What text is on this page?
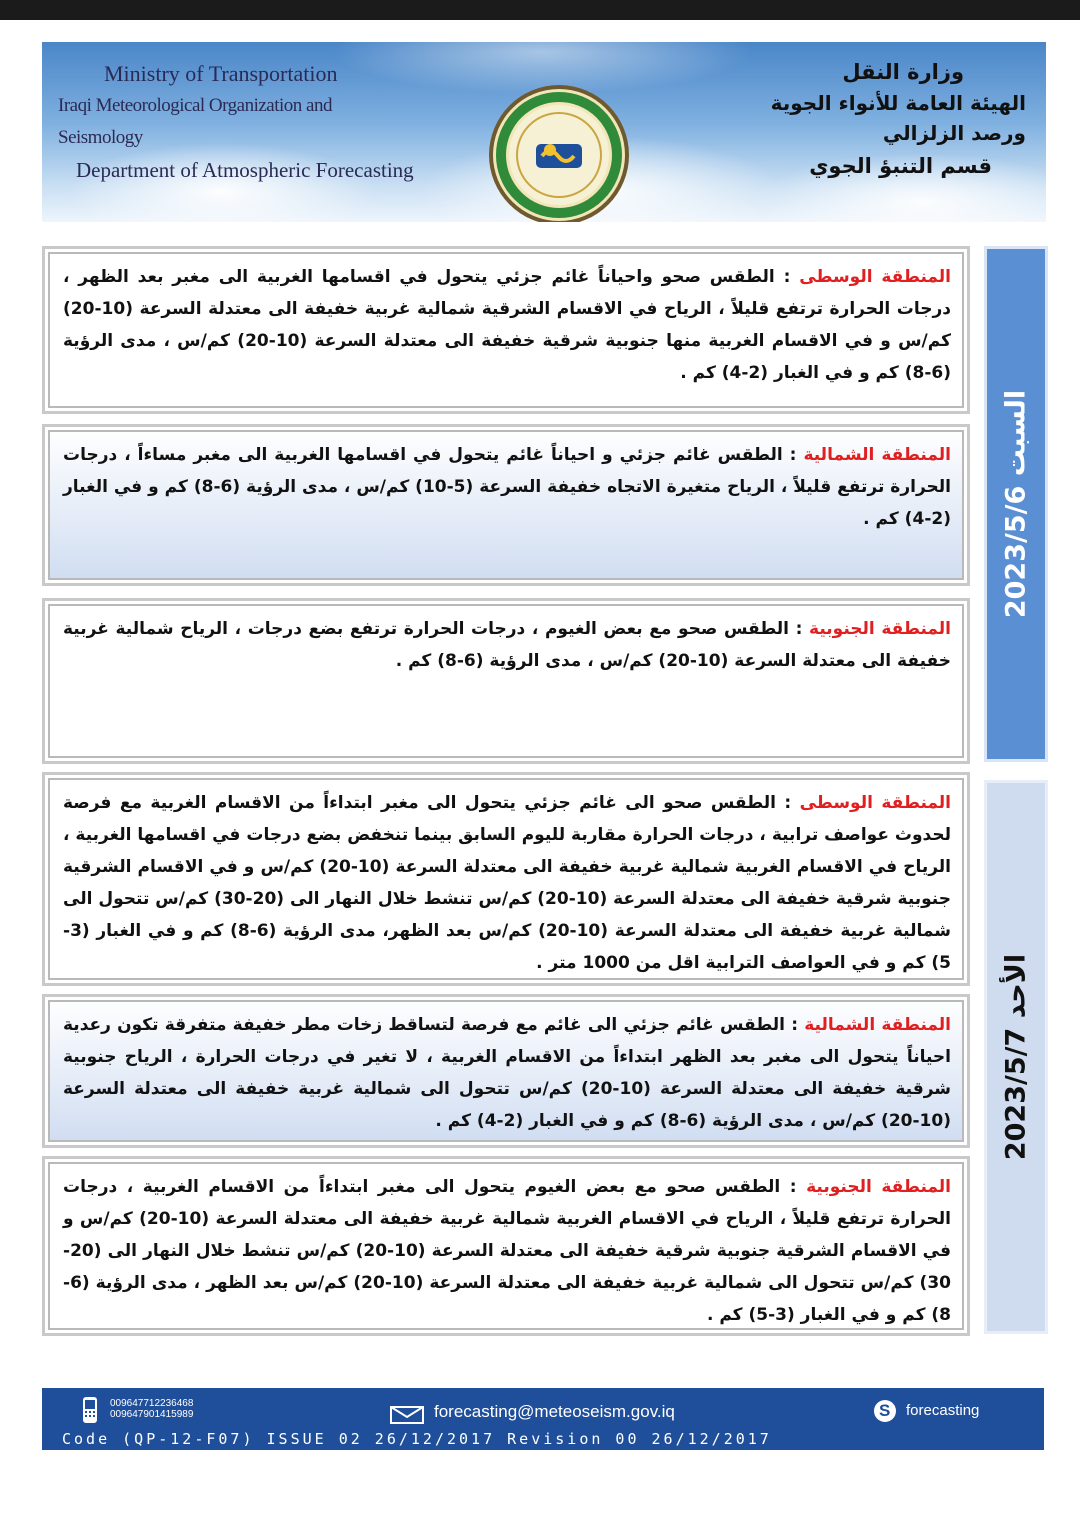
Ministry of Transportation
Iraqi Meteorological Organization and Seismology
Department of Atmospheric Forecasting
وزارة النقل
الهيئة العامة للأنواء الجوية ورصد الزلزالي
قسم التنبؤ الجوي

المنطقة الوسطى : الطقس صحو واحياناً غائم جزئي يتحول في اقسامها الغربية الى مغبر بعد الظهر ، درجات الحرارة ترتفع قليلاً ، الرياح في الاقسام الشرقية شمالية غربية خفيفة الى معتدلة السرعة (10-20) كم/س و في الاقسام الغربية منها جنوبية شرقية خفيفة الى معتدلة السرعة (10-20) كم/س ، مدى الرؤية (6-8) كم و في الغبار (2-4) كم .

المنطقة الشمالية : الطقس غائم جزئي و احياناً غائم يتحول في اقسامها الغربية الى مغبر مساءاً ، درجات الحرارة ترتفع قليلاً ، الرياح متغيرة الاتجاه خفيفة السرعة (5-10) كم/س ، مدى الرؤية (6-8) كم و في الغبار (2-4) كم .

المنطقة الجنوبية : الطقس صحو مع بعض الغيوم ، درجات الحرارة ترتفع بضع درجات ، الرياح شمالية غربية خفيفة الى معتدلة السرعة (10-20) كم/س ، مدى الرؤية (6-8) كم .

السبت 2023/5/6

المنطقة الوسطى : الطقس صحو الى غائم جزئي يتحول الى مغبر ابتداءاً من الاقسام الغربية مع فرصة لحدوث عواصف ترابية ، درجات الحرارة مقاربة لليوم السابق بينما تنخفض بضع درجات في اقسامها الغربية ، الرياح في الاقسام الغربية شمالية غربية خفيفة الى معتدلة السرعة (10-20) كم/س و في الاقسام الشرقية جنوبية شرقية خفيفة الى معتدلة السرعة (10-20) كم/س تنشط خلال النهار الى (20-30) كم/س تتحول الى شمالية غربية خفيفة الى معتدلة السرعة (10-20) كم/س بعد الظهر، مدى الرؤية (6-8) كم و في الغبار (3-5) كم و في العواصف الترابية اقل من 1000 متر .

المنطقة الشمالية : الطقس غائم جزئي الى غائم مع فرصة لتساقط زخات مطر خفيفة متفرقة تكون رعدية احياناً يتحول الى مغبر بعد الظهر ابتداءاً من الاقسام الغربية ، لا تغير في درجات الحرارة ، الرياح جنوبية شرقية خفيفة الى معتدلة السرعة (10-20) كم/س تتحول الى شمالية غربية خفيفة الى معتدلة السرعة (10-20) كم/س ، مدى الرؤية (6-8) كم و في الغبار (2-4) كم .

المنطقة الجنوبية : الطقس صحو مع بعض الغيوم يتحول الى مغبر ابتداءاً من الاقسام الغربية ، درجات الحرارة ترتفع قليلاً ، الرياح في الاقسام الغربية شمالية غربية خفيفة الى معتدلة السرعة (10-20) كم/س و في الاقسام الشرقية جنوبية شرقية خفيفة الى معتدلة السرعة (10-20) كم/س تنشط خلال النهار الى (20-30) كم/س تتحول الى شمالية غربية خفيفة الى معتدلة السرعة (10-20) كم/س بعد الظهر ، مدى الرؤية (6-8) كم و في الغبار (3-5) كم .

الأحد 2023/5/7
009647712236468
009647901415989	forecasting@meteoseism.gov.iq
S	forecasting
Code (QP-12-F07) ISSUE 02 26/12/2017 Revision 00 26/12/2017
